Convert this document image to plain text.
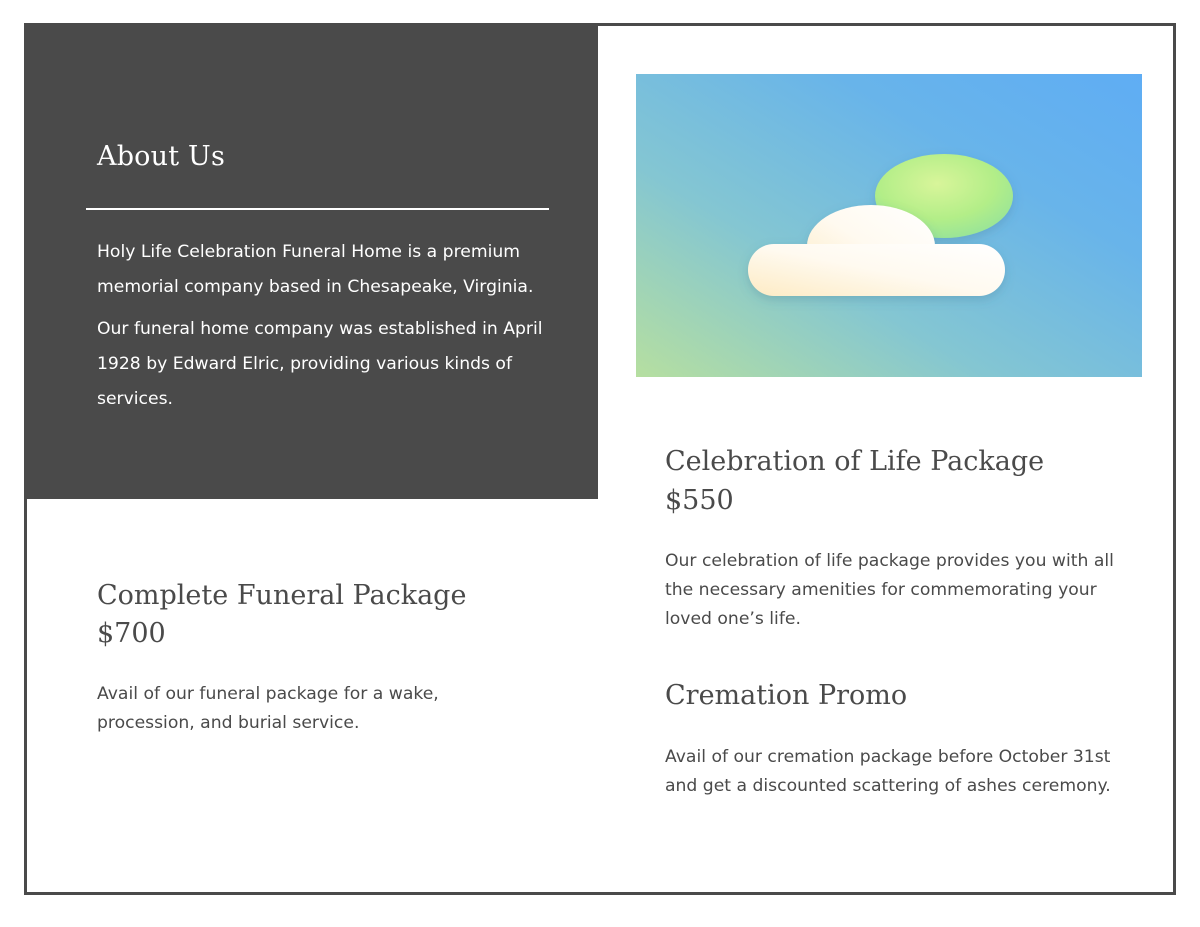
About Us

Holy Life Celebration Funeral Home is a premium memorial company based in Chesapeake, Virginia.

Our funeral home company was established in April 1928 by Edward Elric, providing various kinds of services.

Celebration of Life Package
$550

Our celebration of life package provides you with all the necessary amenities for commemorating your loved one’s life.

Cremation Promo

Avail of our cremation package before October 31st and get a discounted scattering of ashes ceremony.

Complete Funeral Package
$700

Avail of our funeral package for a wake, procession, and burial service.
